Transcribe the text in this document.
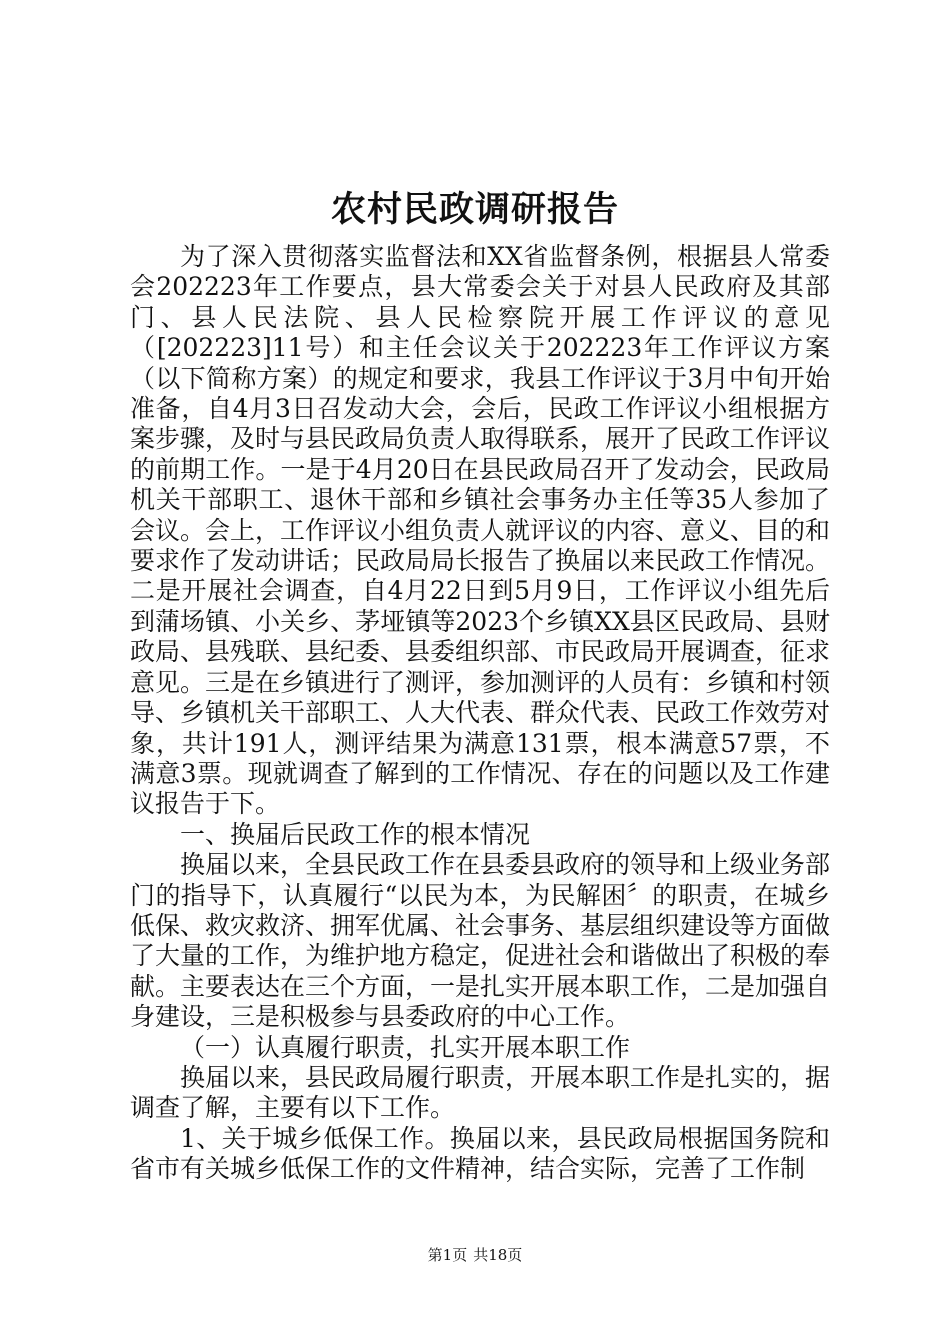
农村民政调研报告

为了深入贯彻落实监督法和XX省监督条例，根据县人常委会202223年工作要点，县大常委会关于对县人民政府及其部门、县人民法院、县人民检察院开展工作评议的意见（[202223]11号）和主任会议关于202223年工作评议方案（以下简称方案）的规定和要求，我县工作评议于3月中旬开始准备，自4月3日召发动大会，会后，民政工作评议小组根据方案步骤，及时与县民政局负责人取得联系，展开了民政工作评议的前期工作。一是于4月20日在县民政局召开了发动会，民政局机关干部职工、退休干部和乡镇社会事务办主任等35人参加了会议。会上，工作评议小组负责人就评议的内容、意义、目的和要求作了发动讲话；民政局局长报告了换届以来民政工作情况。二是开展社会调查，自4月22日到5月9日，工作评议小组先后到蒲场镇、小关乡、茅垭镇等2023个乡镇XX县区民政局、县财政局、县残联、县纪委、县委组织部、市民政局开展调查，征求意见。三是在乡镇进行了测评，参加测评的人员有：乡镇和村领导、乡镇机关干部职工、人大代表、群众代表、民政工作效劳对象，共计191人，测评结果为满意131票，根本满意57票，不满意3票。现就调查了解到的工作情况、存在的问题以及工作建议报告于下。

一、换届后民政工作的根本情况

换届以来，全县民政工作在县委县政府的领导和上级业务部门的指导下，认真履行“以民为本，为民解困〞的职责，在城乡低保、救灾救济、拥军优属、社会事务、基层组织建设等方面做了大量的工作，为维护地方稳定，促进社会和谐做出了积极的奉献。主要表达在三个方面，一是扎实开展本职工作，二是加强自身建设，三是积极参与县委政府的中心工作。

（一）认真履行职责，扎实开展本职工作

换届以来，县民政局履行职责，开展本职工作是扎实的，据调查了解，主要有以下工作。

1、关于城乡低保工作。换届以来，县民政局根据国务院和省市有关城乡低保工作的文件精神，结合实际，完善了工作制

第1页 共18页
